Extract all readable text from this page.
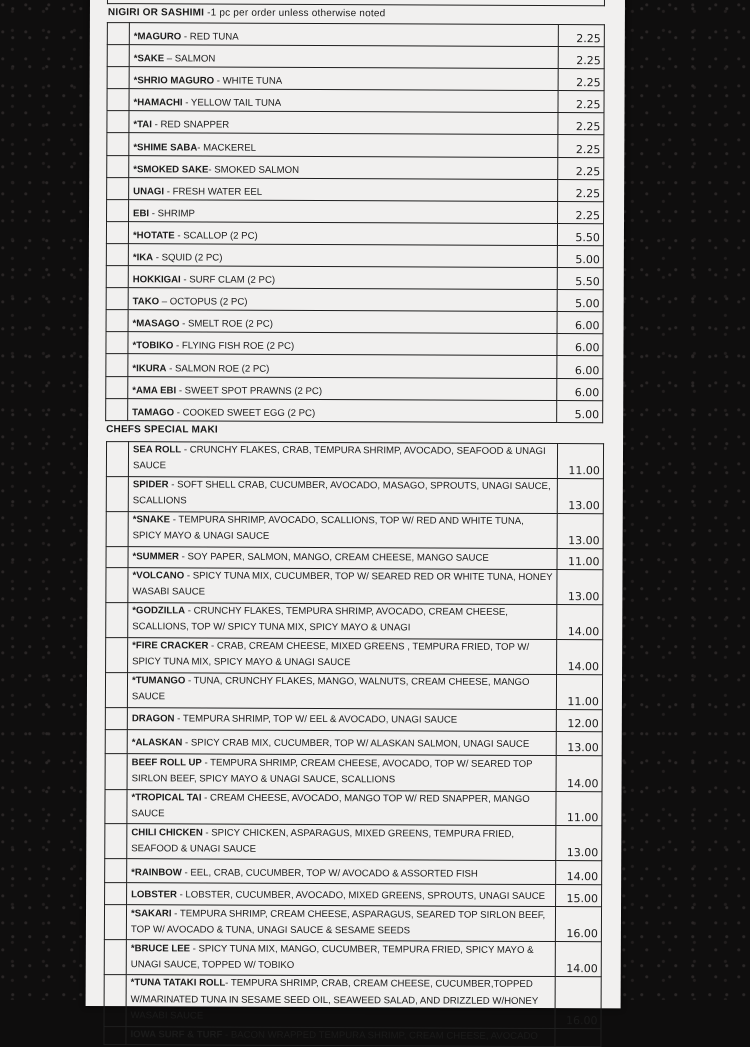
NIGIRI OR SASHIMI -1 pc per order unless otherwise noted
	*MAGURO - RED TUNA	2.25
	*SAKE – SALMON	2.25
	*SHRIO MAGURO - WHITE TUNA	2.25
	*HAMACHI - YELLOW TAIL TUNA	2.25
	*TAI - RED SNAPPER	2.25
	*SHIME SABA- MACKEREL	2.25
	*SMOKED SAKE- SMOKED SALMON	2.25
	UNAGI - FRESH WATER EEL	2.25
	EBI - SHRIMP	2.25
	*HOTATE - SCALLOP (2 PC)	5.50
	*IKA - SQUID (2 PC)	5.00
	HOKKIGAI - SURF CLAM (2 PC)	5.50
	TAKO – OCTOPUS (2 PC)	5.00
	*MASAGO - SMELT ROE (2 PC)	6.00
	*TOBIKO - FLYING FISH ROE (2 PC)	6.00
	*IKURA - SALMON ROE (2 PC)	6.00
	*AMA EBI - SWEET SPOT PRAWNS (2 PC)	6.00
	TAMAGO - COOKED SWEET EGG (2 PC)	5.00
CHEFS SPECIAL MAKI
	SEA ROLL - CRUNCHY FLAKES, CRAB, TEMPURA SHRIMP, AVOCADO, SEAFOOD & UNAGI SAUCE	11.00
	SPIDER - SOFT SHELL CRAB, CUCUMBER, AVOCADO, MASAGO, SPROUTS, UNAGI SAUCE, SCALLIONS	13.00
	*SNAKE - TEMPURA SHRIMP, AVOCADO, SCALLIONS, TOP W/ RED AND WHITE TUNA, SPICY MAYO & UNAGI SAUCE	13.00
	*SUMMER - SOY PAPER, SALMON, MANGO, CREAM CHEESE, MANGO SAUCE	11.00
	*VOLCANO - SPICY TUNA MIX, CUCUMBER, TOP W/ SEARED RED OR WHITE TUNA, HONEY WASABI SAUCE	13.00
	*GODZILLA - CRUNCHY FLAKES, TEMPURA SHRIMP, AVOCADO, CREAM CHEESE, SCALLIONS, TOP W/ SPICY TUNA MIX, SPICY MAYO & UNAGI	14.00
	*FIRE CRACKER - CRAB, CREAM CHEESE, MIXED GREENS , TEMPURA FRIED, TOP W/ SPICY TUNA MIX, SPICY MAYO & UNAGI SAUCE	14.00
	*TUMANGO - TUNA, CRUNCHY FLAKES, MANGO, WALNUTS, CREAM CHEESE, MANGO SAUCE	11.00
	DRAGON - TEMPURA SHRIMP, TOP W/ EEL & AVOCADO, UNAGI SAUCE	12.00
	*ALASKAN - SPICY CRAB MIX, CUCUMBER, TOP W/ ALASKAN SALMON, UNAGI SAUCE	13.00
	BEEF ROLL UP - TEMPURA SHRIMP, CREAM CHEESE, AVOCADO, TOP W/ SEARED TOP SIRLON BEEF, SPICY MAYO & UNAGI SAUCE, SCALLIONS	14.00
	*TROPICAL TAI - CREAM CHEESE, AVOCADO, MANGO TOP W/ RED SNAPPER, MANGO SAUCE	11.00
	CHILI CHICKEN - SPICY CHICKEN, ASPARAGUS, MIXED GREENS, TEMPURA FRIED, SEAFOOD & UNAGI SAUCE	13.00
	*RAINBOW - EEL, CRAB, CUCUMBER, TOP W/ AVOCADO & ASSORTED FISH	14.00
	LOBSTER - LOBSTER, CUCUMBER, AVOCADO, MIXED GREENS, SPROUTS, UNAGI SAUCE	15.00
	*SAKARI - TEMPURA SHRIMP, CREAM CHEESE, ASPARAGUS, SEARED TOP SIRLON BEEF, TOP W/ AVOCADO & TUNA, UNAGI SAUCE & SESAME SEEDS	16.00
	*BRUCE LEE - SPICY TUNA MIX, MANGO, CUCUMBER, TEMPURA FRIED, SPICY MAYO & UNAGI SAUCE, TOPPED W/ TOBIKO	14.00
	*TUNA TATAKI ROLL- TEMPURA SHRIMP, CRAB, CREAM CHEESE, CUCUMBER,TOPPED W/MARINATED TUNA IN SESAME SEED OIL, SEAWEED SALAD, AND DRIZZLED W/HONEY WASABI SAUCE	16.00
	IOWA SURF & TURF - BACON WRAPPED TEMPURA SHRIMP, CREAM CHEESE, AVOCADO	
